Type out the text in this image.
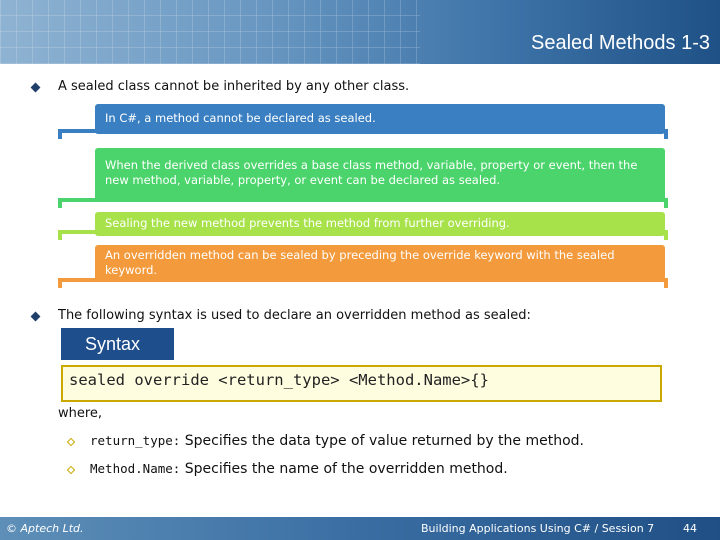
Sealed Methods 1-3
A sealed class cannot be inherited by any other class.
In C#, a method cannot be declared as sealed.
When the derived class overrides a base class method, variable, property or event, then the new method, variable, property, or event can be declared as sealed.
Sealing the new method prevents the method from further overriding.
An overridden method can be sealed by preceding the override keyword with the sealed keyword.
The following syntax is used to declare an overridden method as sealed:
Syntax
sealed override <return_type> <Method.Name>{}
where,
return_type: Specifies the data type of value returned by the method.
Method.Name: Specifies the name of the overridden method.
© Aptech Ltd.	Building Applications Using C# / Session 7	44
